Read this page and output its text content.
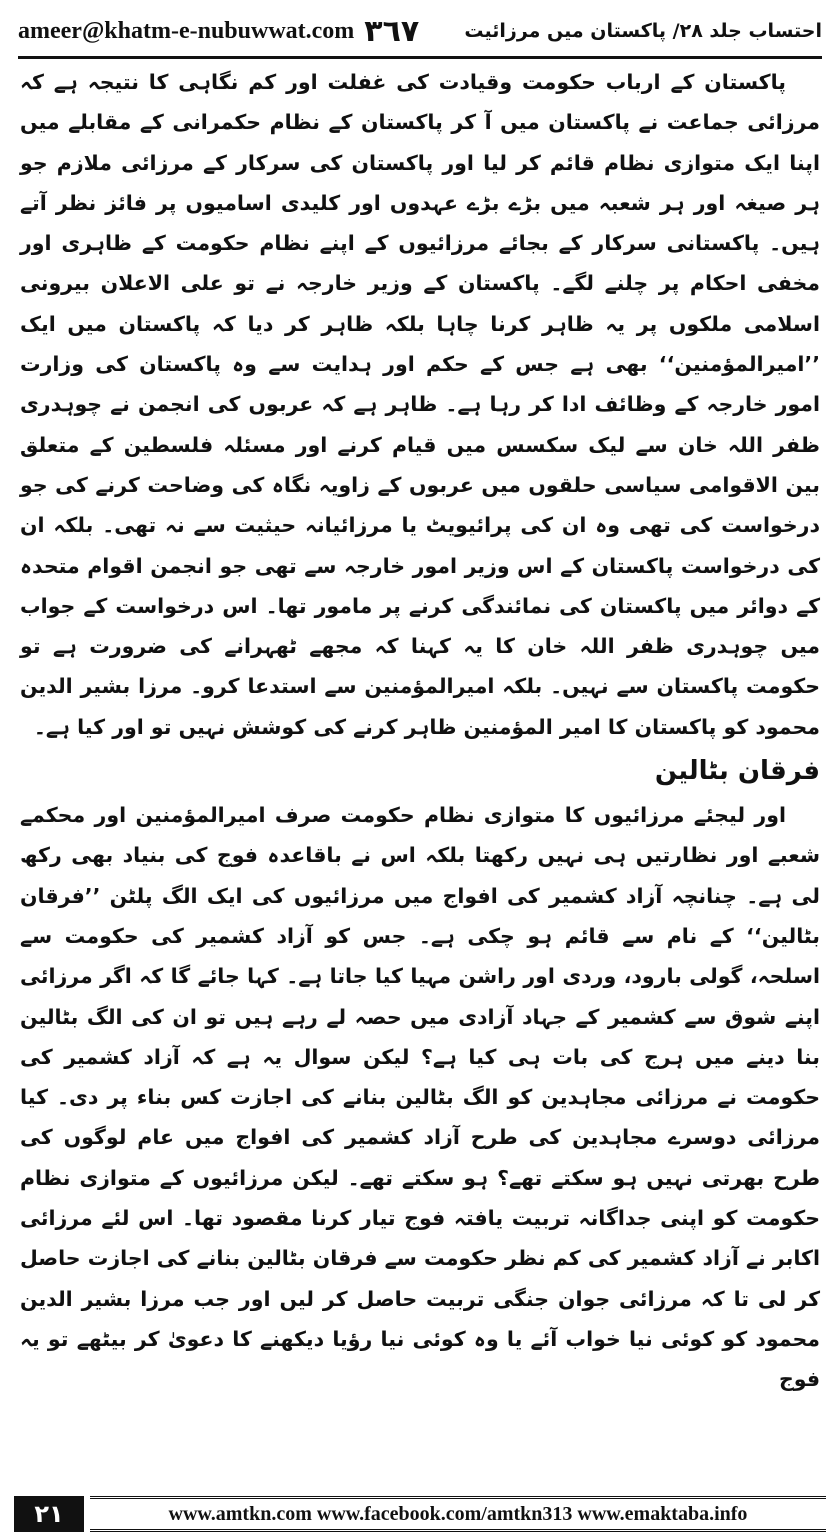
ameer@khatm-e-nubuwwat.com ٣٦٧ احتساب جلد ۲۸/ پاکستان میں مرزائیت

پاکستان کے ارباب حکومت وقیادت کی غفلت اور کم نگاہی کا نتیجہ ہے کہ مرزائی جماعت نے پاکستان میں آ کر پاکستان کے نظام حکمرانی کے مقابلے میں اپنا ایک متوازی نظام قائم کر لیا اور پاکستان کی سرکار کے مرزائی ملازم جو ہر صیغہ اور ہر شعبہ میں بڑے بڑے عہدوں اور کلیدی اسامیوں پر فائز نظر آتے ہیں۔ پاکستانی سرکار کے بجائے مرزائیوں کے اپنے نظام حکومت کے ظاہری اور مخفی احکام پر چلنے لگے۔ پاکستان کے وزیر خارجہ نے تو علی الاعلان بیرونی اسلامی ملکوں پر یہ ظاہر کرنا چاہا بلکہ ظاہر کر دیا کہ پاکستان میں ایک ’’امیرالمؤمنین‘‘ بھی ہے جس کے حکم اور ہدایت سے وہ پاکستان کی وزارت امور خارجہ کے وظائف ادا کر رہا ہے۔ ظاہر ہے کہ عربوں کی انجمن نے چوہدری ظفر اللہ خان سے لیک سکسس میں قیام کرنے اور مسئلہ فلسطین کے متعلق بین الاقوامی سیاسی حلقوں میں عربوں کے زاویہ نگاہ کی وضاحت کرنے کی جو درخواست کی تھی وہ ان کی پرائیویٹ یا مرزائیانہ حیثیت سے نہ تھی۔ بلکہ ان کی درخواست پاکستان کے اس وزیر امور خارجہ سے تھی جو انجمن اقوام متحدہ کے دوائر میں پاکستان کی نمائندگی کرنے پر مامور تھا۔ اس درخواست کے جواب میں چوہدری ظفر اللہ خان کا یہ کہنا کہ مجھے ٹھہرانے کی ضرورت ہے تو حکومت پاکستان سے نہیں۔ بلکہ امیرالمؤمنین سے استدعا کرو۔ مرزا بشیر الدین محمود کو پاکستان کا امیر المؤمنین ظاہر کرنے کی کوشش نہیں تو اور کیا ہے۔

فرقان بٹالین

اور لیجئے مرزائیوں کا متوازی نظام حکومت صرف امیرالمؤمنین اور محکمے شعبے اور نظارتیں ہی نہیں رکھتا بلکہ اس نے باقاعدہ فوج کی بنیاد بھی رکھ لی ہے۔ چنانچہ آزاد کشمیر کی افواج میں مرزائیوں کی ایک الگ پلٹن ’’فرقان بٹالین‘‘ کے نام سے قائم ہو چکی ہے۔ جس کو آزاد کشمیر کی حکومت سے اسلحہ، گولی بارود، وردی اور راشن مہیا کیا جاتا ہے۔ کہا جائے گا کہ اگر مرزائی اپنے شوق سے کشمیر کے جہاد آزادی میں حصہ لے رہے ہیں تو ان کی الگ بٹالین بنا دینے میں ہرج کی بات ہی کیا ہے؟ لیکن سوال یہ ہے کہ آزاد کشمیر کی حکومت نے مرزائی مجاہدین کو الگ بٹالین بنانے کی اجازت کس بناء پر دی۔ کیا مرزائی دوسرے مجاہدین کی طرح آزاد کشمیر کی افواج میں عام لوگوں کی طرح بھرتی نہیں ہو سکتے تھے؟ ہو سکتے تھے۔ لیکن مرزائیوں کے متوازی نظام حکومت کو اپنی جداگانہ تربیت یافتہ فوج تیار کرنا مقصود تھا۔ اس لئے مرزائی اکابر نے آزاد کشمیر کی کم نظر حکومت سے فرقان بٹالین بنانے کی اجازت حاصل کر لی تا کہ مرزائی جوان جنگی تربیت حاصل کر لیں اور جب مرزا بشیر الدین محمود کو کوئی نیا خواب آئے یا وہ کوئی نیا رؤیا دیکھنے کا دعویٰ کر بیٹھے تو یہ فوج

۲۱	www.amtkn.com www.facebook.com/amtkn313 www.emaktaba.info
